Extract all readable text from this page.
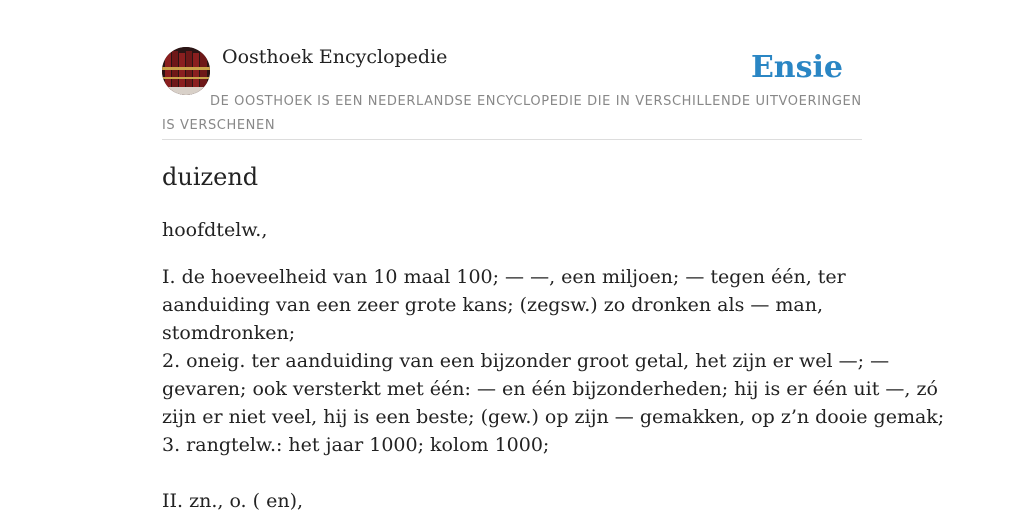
Oosthoek Encyclopedie	Ensie
DE OOSTHOEK IS EEN NEDERLANDSE ENCYCLOPEDIE DIE IN VERSCHILLENDE UITVOERINGEN IS VERSCHENEN
duizend
hoofdtelw.,
I. de hoeveelheid van 10 maal 100; — —, een miljoen; — tegen één, ter
aanduiding van een zeer grote kans; (zegsw.) zo dronken als — man,
stomdronken;
2. oneig. ter aanduiding van een bijzonder groot getal, het zijn er wel —; —
gevaren; ook versterkt met één: — en één bijzonderheden; hij is er één uit —, zó
zijn er niet veel, hij is een beste; (gew.) op zijn — gemakken, op z’n dooie gemak;
3. rangtelw.: het jaar 1000; kolom 1000;
II. zn., o. ( en),
